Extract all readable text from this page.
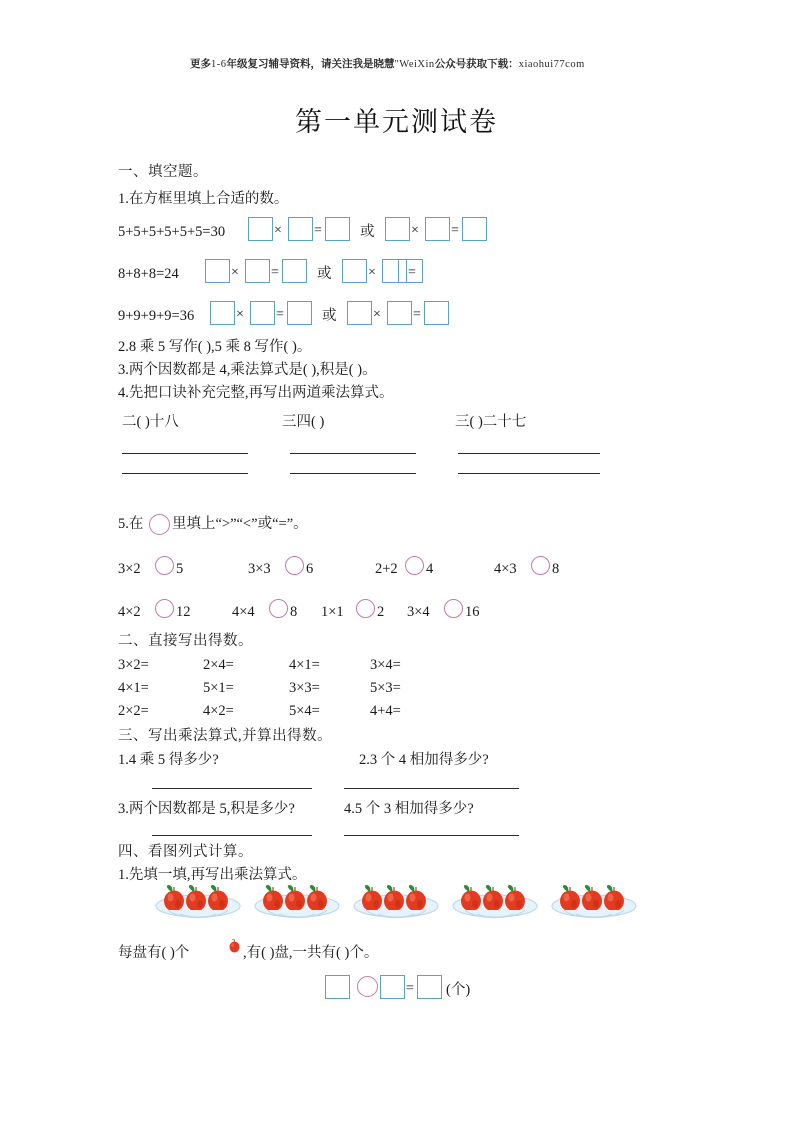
更多1-6年级复习辅导资料，请关注我是晓慧"WeiXin公众号获取下载：xiaohui77com
第一单元测试卷
一、填空题。
1.在方框里填上合适的数。
5+5+5+5+5+5=30	× =	或	× =
8+8+8=24	× =	或	× =
9+9+9+9=36	× =	或	× =
2.8 乘 5 写作( ),5 乘 8 写作( )。
3.两个因数都是 4,乘法算式是( ),积是( )。
4.先把口诀补充完整,再写出两道乘法算式。
二( )十八	三四( )	三( )二十七
5.在 里填上“>”“<”或“=”。
3×2 5	3×3 6	2+2 4	4×3 8
4×2 12	4×4 8 1×1 2 3×4 16
二、直接写出得数。
3×2=	2×4=	4×1=	3×4=
4×1=	5×1=	3×3=	5×3=
2×2=	4×2=	5×4=	4+4=
三、写出乘法算式,并算出得数。
1.4 乘 5 得多少?	2.3 个 4 相加得多少?
3.两个因数都是 5,积是多少?	4.5 个 3 相加得多少?
四、看图列式计算。
1.先填一填,再写出乘法算式。
每盘有( )个	,有( )盘,一共有( )个。
= (个)
